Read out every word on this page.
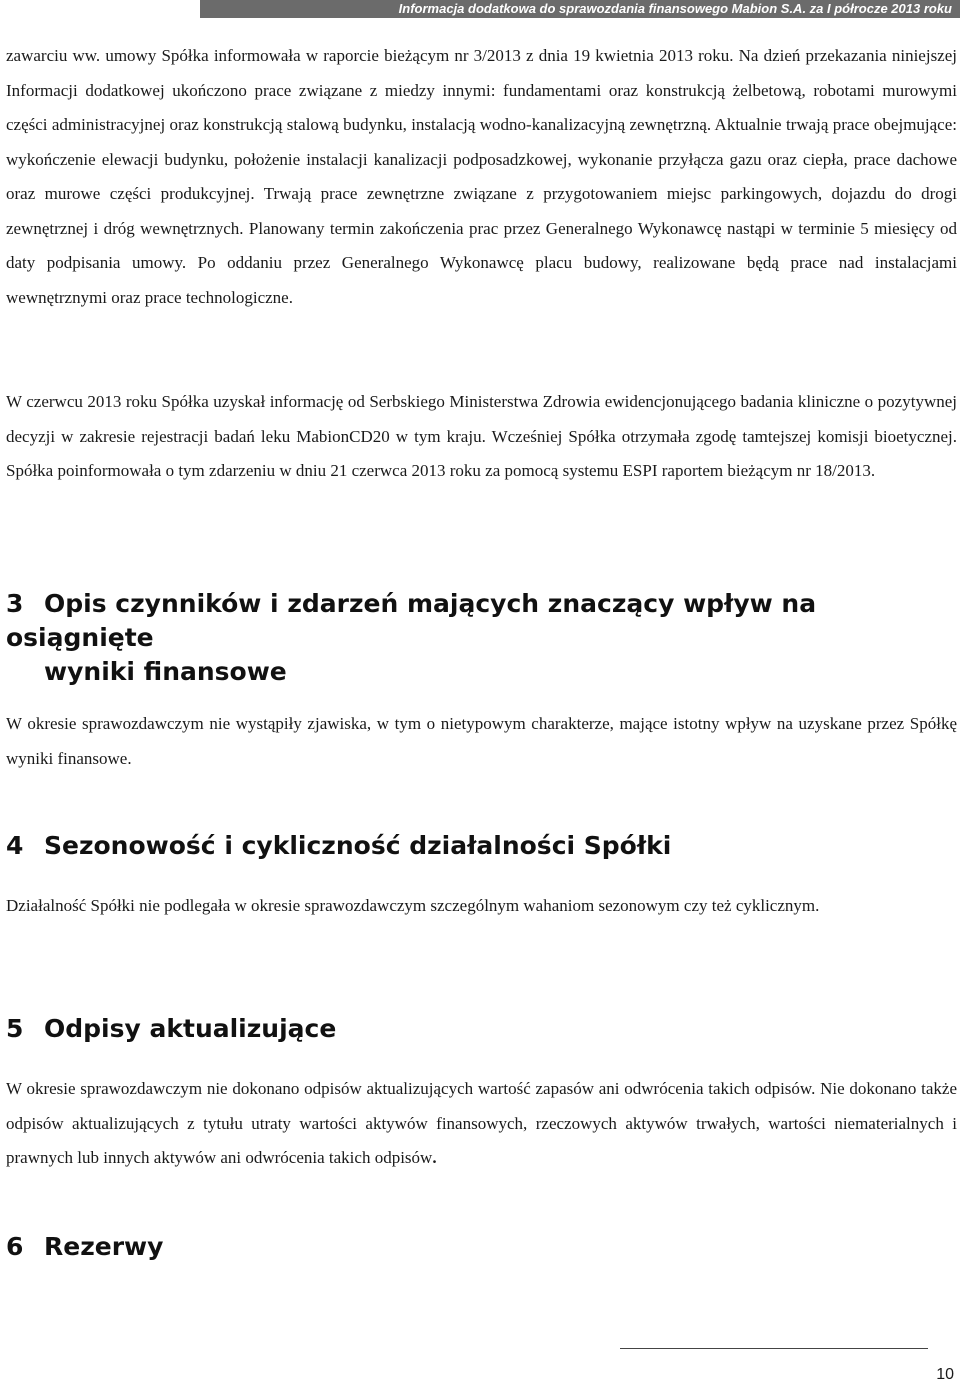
Informacja dodatkowa do sprawozdania finansowego Mabion S.A. za I półrocze 2013 roku

zawarciu ww. umowy Spółka informowała w raporcie bieżącym nr 3/2013 z dnia 19 kwietnia 2013 roku. Na dzień przekazania niniejszej Informacji dodatkowej ukończono prace związane z miedzy innymi: fundamentami oraz konstrukcją żelbetową, robotami murowymi części administracyjnej oraz konstrukcją stalową budynku, instalacją wodno-kanalizacyjną zewnętrzną. Aktualnie trwają prace obejmujące: wykończenie elewacji budynku, położenie instalacji kanalizacji podposadzkowej, wykonanie przyłącza gazu oraz ciepła, prace dachowe oraz murowe części produkcyjnej. Trwają prace zewnętrzne związane z przygotowaniem miejsc parkingowych, dojazdu do drogi zewnętrznej i dróg wewnętrznych. Planowany termin zakończenia prac przez Generalnego Wykonawcę nastąpi w terminie 5 miesięcy od daty podpisania umowy. Po oddaniu przez Generalnego Wykonawcę placu budowy, realizowane będą prace nad instalacjami wewnętrznymi oraz prace technologiczne.

W czerwcu 2013 roku Spółka uzyskał informację od Serbskiego Ministerstwa Zdrowia ewidencjonującego badania kliniczne o pozytywnej decyzji w zakresie rejestracji badań leku MabionCD20 w tym kraju. Wcześniej Spółka otrzymała zgodę tamtejszej komisji bioetycznej. Spółka poinformowała o tym zdarzeniu w dniu 21 czerwca 2013 roku za pomocą systemu ESPI raportem bieżącym nr 18/2013.

3 Opis czynników i zdarzeń mających znaczący wpływ na osiągnięte
wyniki finansowe

W okresie sprawozdawczym nie wystąpiły zjawiska, w tym o nietypowym charakterze, mające istotny wpływ na uzyskane przez Spółkę wyniki finansowe.

4 Sezonowość i cykliczność działalności Spółki

Działalność Spółki nie podlegała w okresie sprawozdawczym szczególnym wahaniom sezonowym czy też cyklicznym.

5 Odpisy aktualizujące

W okresie sprawozdawczym nie dokonano odpisów aktualizujących wartość zapasów ani odwrócenia takich odpisów. Nie dokonano także odpisów aktualizujących z tytułu utraty wartości aktywów finansowych, rzeczowych aktywów trwałych, wartości niematerialnych i prawnych lub innych aktywów ani odwrócenia takich odpisów.

6 Rezerwy
10
